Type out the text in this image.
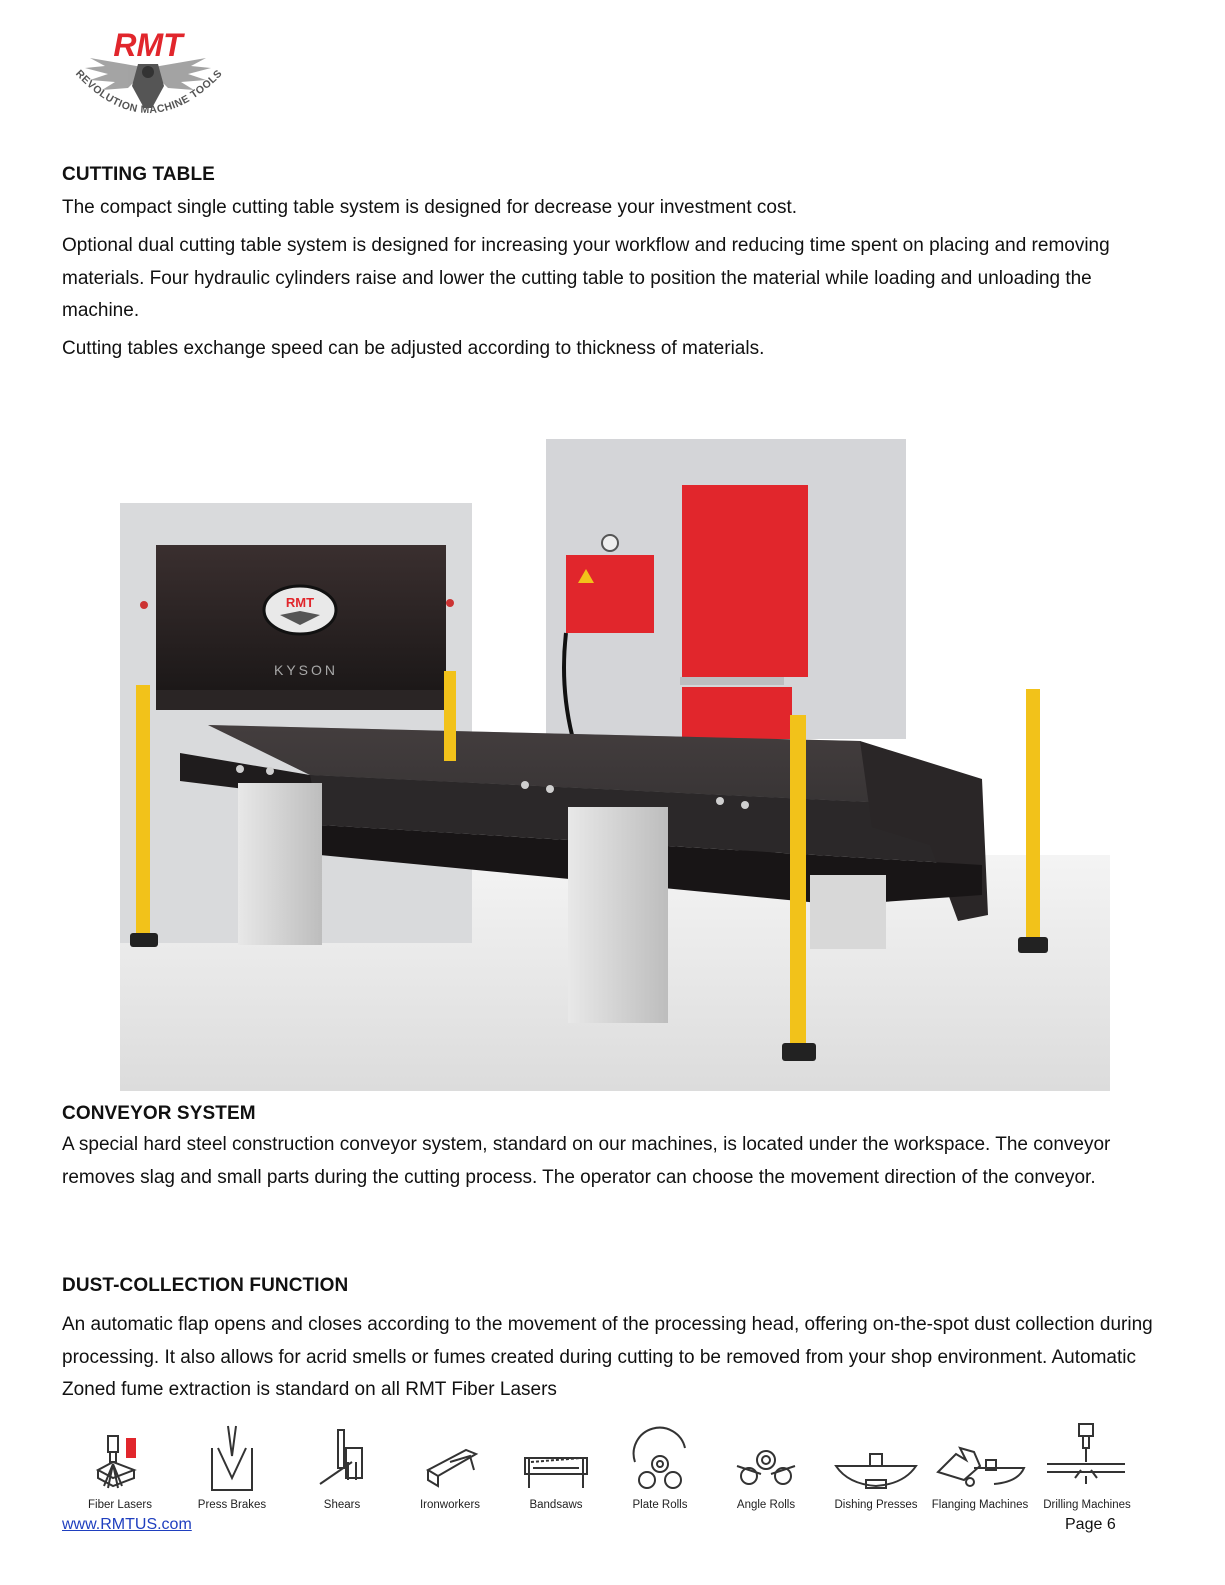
RMT
REVOLUTION MACHINE TOOLS
CUTTING TABLE

The compact single cutting table system is designed for decrease your investment cost.

Optional dual cutting table system is designed for increasing your workflow and reducing time spent on placing and removing materials. Four hydraulic cylinders raise and lower the cutting table to position the material while loading and unloading the machine.

Cutting tables exchange speed can be adjusted according to thickness of materials.

RMT
KYSON
CONVEYOR SYSTEM

A special hard steel construction conveyor system, standard on our machines, is located under the workspace. The conveyor removes slag and small parts during the cutting process. The operator can choose the movement direction of the conveyor.

DUST-COLLECTION FUNCTION

An automatic flap opens and closes according to the movement of the processing head, offering on-the-spot dust collection during processing. It also allows for acrid smells or fumes created during cutting to be removed from your shop environment. Automatic Zoned fume extraction is standard on all RMT Fiber Lasers

Fiber Lasers	Press Brakes	Shears	Ironworkers	Bandsaws	Plate Rolls	Angle Rolls	Dishing Presses	Flanging Machines	Drilling Machines
www.RMTUS.com	Page 6
